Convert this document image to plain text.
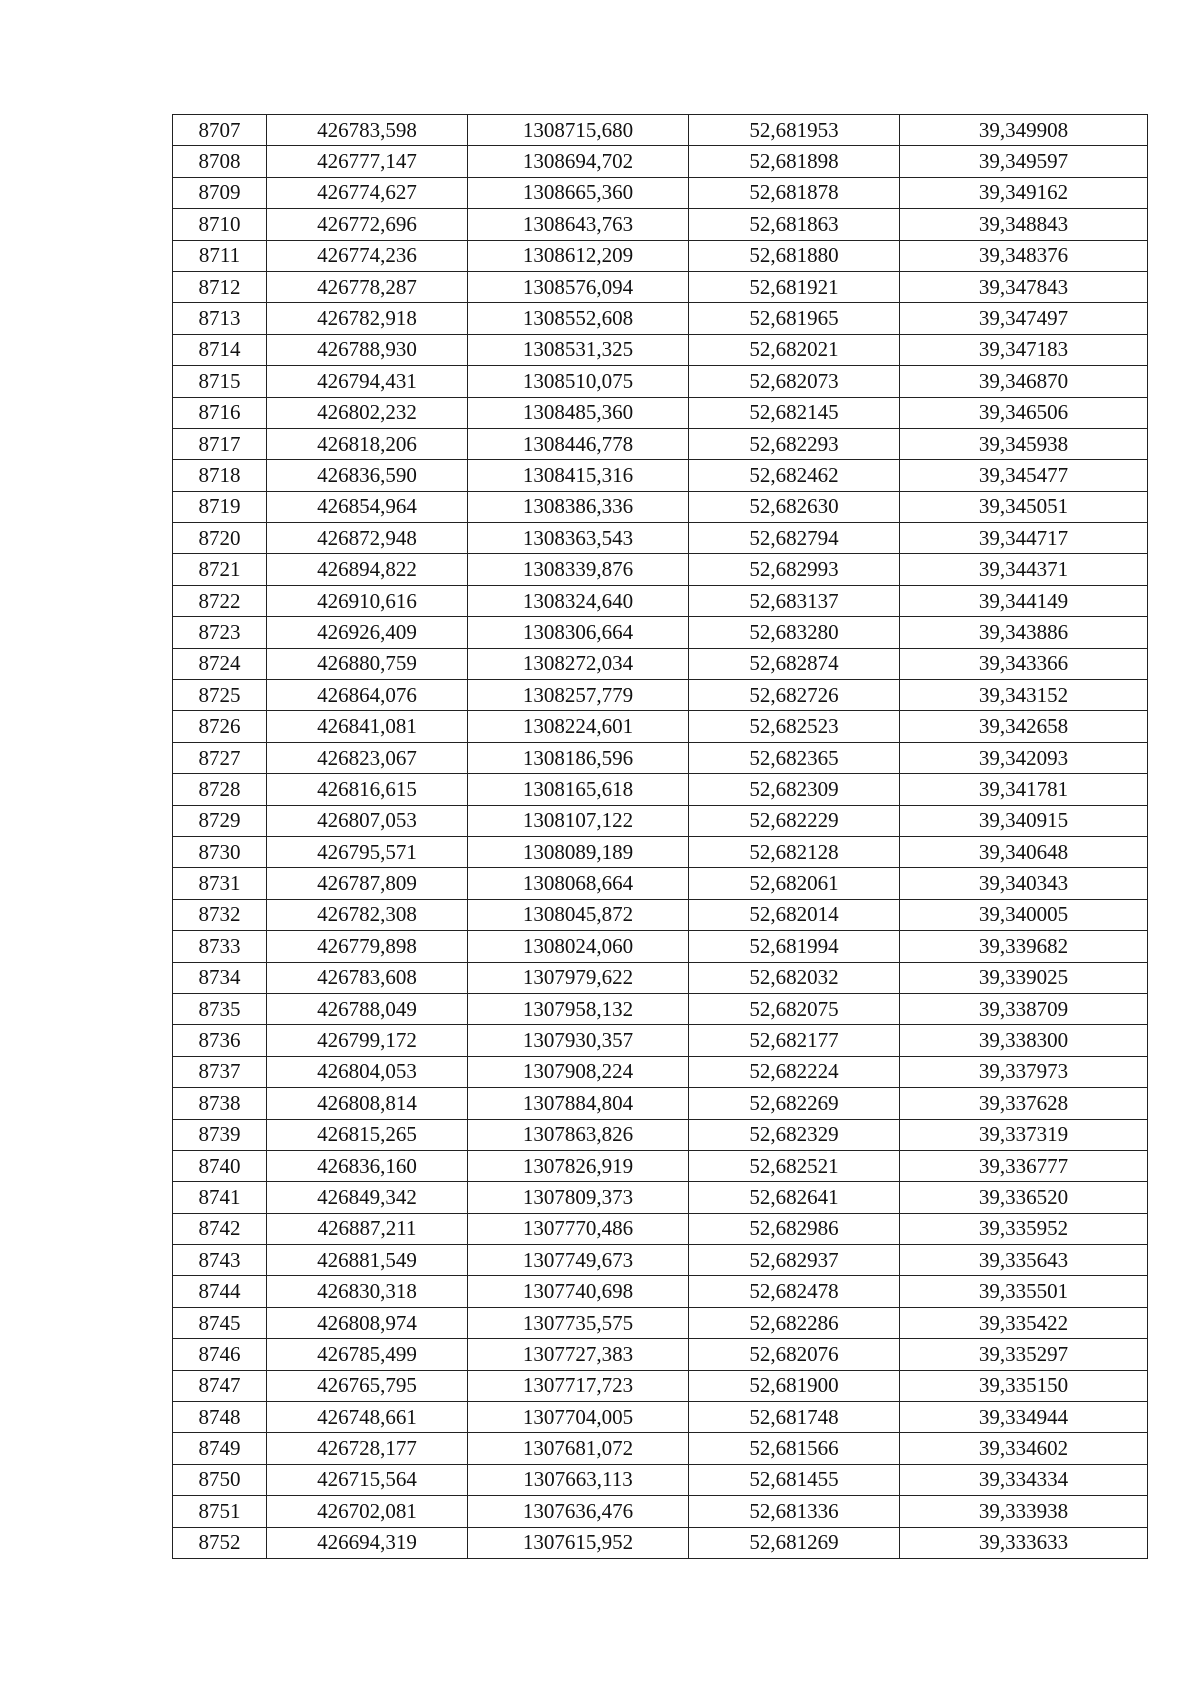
8707	426783,598	1308715,680	52,681953	39,349908
8708	426777,147	1308694,702	52,681898	39,349597
8709	426774,627	1308665,360	52,681878	39,349162
8710	426772,696	1308643,763	52,681863	39,348843
8711	426774,236	1308612,209	52,681880	39,348376
8712	426778,287	1308576,094	52,681921	39,347843
8713	426782,918	1308552,608	52,681965	39,347497
8714	426788,930	1308531,325	52,682021	39,347183
8715	426794,431	1308510,075	52,682073	39,346870
8716	426802,232	1308485,360	52,682145	39,346506
8717	426818,206	1308446,778	52,682293	39,345938
8718	426836,590	1308415,316	52,682462	39,345477
8719	426854,964	1308386,336	52,682630	39,345051
8720	426872,948	1308363,543	52,682794	39,344717
8721	426894,822	1308339,876	52,682993	39,344371
8722	426910,616	1308324,640	52,683137	39,344149
8723	426926,409	1308306,664	52,683280	39,343886
8724	426880,759	1308272,034	52,682874	39,343366
8725	426864,076	1308257,779	52,682726	39,343152
8726	426841,081	1308224,601	52,682523	39,342658
8727	426823,067	1308186,596	52,682365	39,342093
8728	426816,615	1308165,618	52,682309	39,341781
8729	426807,053	1308107,122	52,682229	39,340915
8730	426795,571	1308089,189	52,682128	39,340648
8731	426787,809	1308068,664	52,682061	39,340343
8732	426782,308	1308045,872	52,682014	39,340005
8733	426779,898	1308024,060	52,681994	39,339682
8734	426783,608	1307979,622	52,682032	39,339025
8735	426788,049	1307958,132	52,682075	39,338709
8736	426799,172	1307930,357	52,682177	39,338300
8737	426804,053	1307908,224	52,682224	39,337973
8738	426808,814	1307884,804	52,682269	39,337628
8739	426815,265	1307863,826	52,682329	39,337319
8740	426836,160	1307826,919	52,682521	39,336777
8741	426849,342	1307809,373	52,682641	39,336520
8742	426887,211	1307770,486	52,682986	39,335952
8743	426881,549	1307749,673	52,682937	39,335643
8744	426830,318	1307740,698	52,682478	39,335501
8745	426808,974	1307735,575	52,682286	39,335422
8746	426785,499	1307727,383	52,682076	39,335297
8747	426765,795	1307717,723	52,681900	39,335150
8748	426748,661	1307704,005	52,681748	39,334944
8749	426728,177	1307681,072	52,681566	39,334602
8750	426715,564	1307663,113	52,681455	39,334334
8751	426702,081	1307636,476	52,681336	39,333938
8752	426694,319	1307615,952	52,681269	39,333633
